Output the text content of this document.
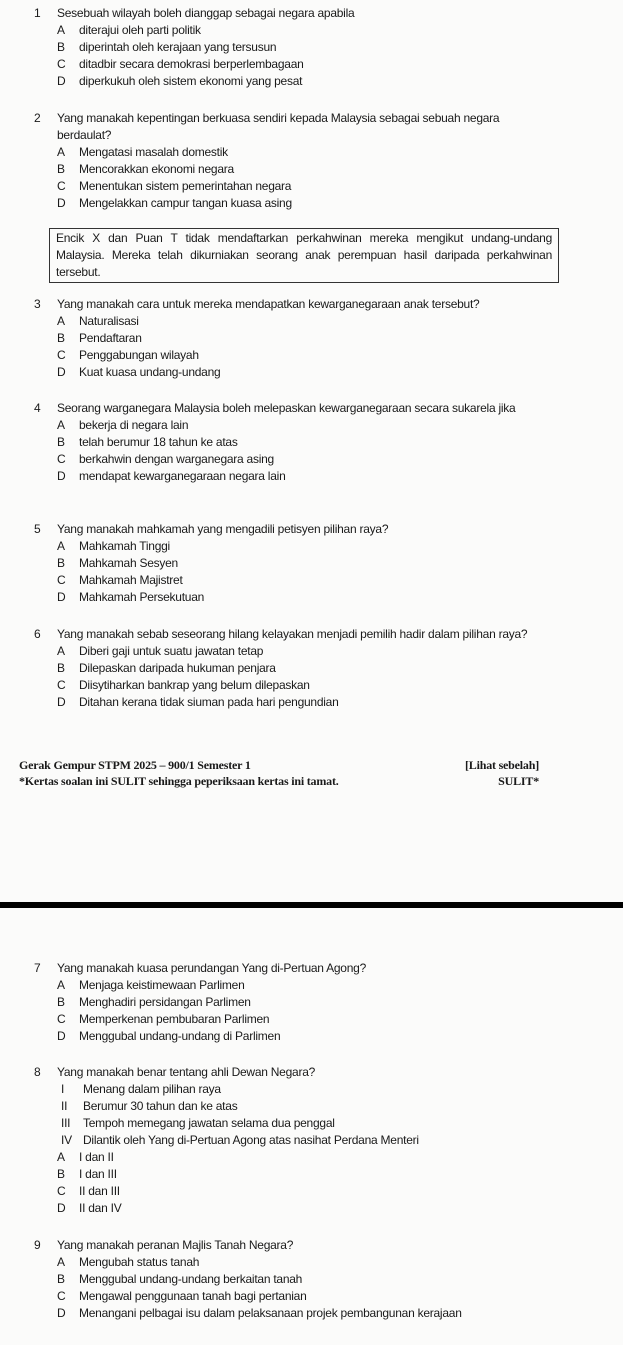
1	Sesebuah wilayah boleh dianggap sebagai negara apabila
A	diterajui oleh parti politik
B	diperintah oleh kerajaan yang tersusun
C	ditadbir secara demokrasi berperlembagaan
D	diperkukuh oleh sistem ekonomi yang pesat
2	Yang manakah kepentingan berkuasa sendiri kepada Malaysia sebagai sebuah negara berdaulat?
A	Mengatasi masalah domestik
B	Mencorakkan ekonomi negara
C	Menentukan sistem pemerintahan negara
D	Mengelakkan campur tangan kuasa asing
Encik X dan Puan T tidak mendaftarkan perkahwinan mereka mengikut undang-undang Malaysia. Mereka telah dikurniakan seorang anak perempuan hasil daripada perkahwinan tersebut.
3	Yang manakah cara untuk mereka mendapatkan kewarganegaraan anak tersebut?
A	Naturalisasi
B	Pendaftaran
C	Penggabungan wilayah
D	Kuat kuasa undang-undang
4	Seorang warganegara Malaysia boleh melepaskan kewarganegaraan secara sukarela jika
A	bekerja di negara lain
B	telah berumur 18 tahun ke atas
C	berkahwin dengan warganegara asing
D	mendapat kewarganegaraan negara lain
5	Yang manakah mahkamah yang mengadili petisyen pilihan raya?
A	Mahkamah Tinggi
B	Mahkamah Sesyen
C	Mahkamah Majistret
D	Mahkamah Persekutuan
6	Yang manakah sebab seseorang hilang kelayakan menjadi pemilih hadir dalam pilihan raya?
A	Diberi gaji untuk suatu jawatan tetap
B	Dilepaskan daripada hukuman penjara
C	Diisytiharkan bankrap yang belum dilepaskan
D	Ditahan kerana tidak siuman pada hari pengundian
Gerak Gempur STPM 2025 – 900/1 Semester 1	[Lihat sebelah]
*Kertas soalan ini SULIT sehingga peperiksaan kertas ini tamat.	SULIT*
7	Yang manakah kuasa perundangan Yang di-Pertuan Agong?
A	Menjaga keistimewaan Parlimen
B	Menghadiri persidangan Parlimen
C	Memperkenan pembubaran Parlimen
D	Menggubal undang-undang di Parlimen
8	Yang manakah benar tentang ahli Dewan Negara?
I	Menang dalam pilihan raya
II	Berumur 30 tahun dan ke atas
III	Tempoh memegang jawatan selama dua penggal
IV Dilantik oleh Yang di-Pertuan Agong atas nasihat Perdana Menteri
A	I dan II
B	I dan III
C	II dan III
D	II dan IV
9	Yang manakah peranan Majlis Tanah Negara?
A	Mengubah status tanah
B	Menggubal undang-undang berkaitan tanah
C	Mengawal penggunaan tanah bagi pertanian
D	Menangani pelbagai isu dalam pelaksanaan projek pembangunan kerajaan
